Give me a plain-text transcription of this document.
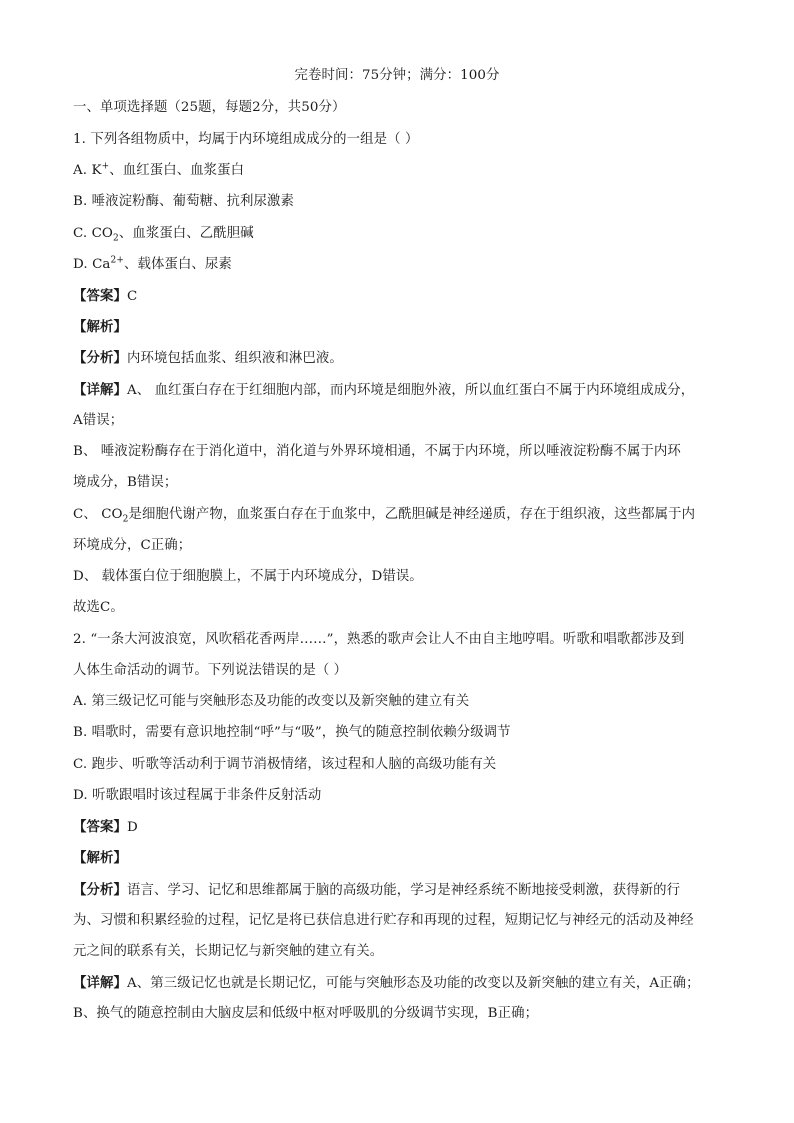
完卷时间：75分钟；满分：100分
一、单项选择题（25题，每题2分，共50分）
1. 下列各组物质中，均属于内环境组成成分的一组是（ ）
A. K+、血红蛋白、血浆蛋白
B. 唾液淀粉酶、葡萄糖、抗利尿激素
C. $CO_2$、血浆蛋白、乙酰胆碱
D. $Ca^{2+}$、载体蛋白、尿素
【答案】C
【解析】
【分析】内环境包括血浆、组织液和淋巴液。
【详解】A、 血红蛋白存在于红细胞内部，而内环境是细胞外液，所以血红蛋白不属于内环境组成成分，
A错误；
B、 唾液淀粉酶存在于消化道中，消化道与外界环境相通，不属于内环境，所以唾液淀粉酶不属于内环
境成分，B错误；
C、 $CO_2$是细胞代谢产物，血浆蛋白存在于血浆中，乙酰胆碱是神经递质，存在于组织液，这些都属于内
环境成分，C正确；
D、 载体蛋白位于细胞膜上，不属于内环境成分，D错误。
故选C。
2. “一条大河波浪宽，风吹稻花香两岸……”，熟悉的歌声会让人不由自主地哼唱。听歌和唱歌都涉及到
人体生命活动的调节。下列说法错误的是（ ）
A. 第三级记忆可能与突触形态及功能的改变以及新突触的建立有关
B. 唱歌时，需要有意识地控制“呼”与“吸”，换气的随意控制依赖分级调节
C. 跑步、听歌等活动利于调节消极情绪，该过程和人脑的高级功能有关
D. 听歌跟唱时该过程属于非条件反射活动
【答案】D
【解析】
【分析】语言、学习、记忆和思维都属于脑的高级功能，学习是神经系统不断地接受刺激，获得新的行
为、习惯和积累经验的过程，记忆是将已获信息进行贮存和再现的过程，短期记忆与神经元的活动及神经
元之间的联系有关，长期记忆与新突触的建立有关。
【详解】A、第三级记忆也就是长期记忆，可能与突触形态及功能的改变以及新突触的建立有关，A正确；
B、换气的随意控制由大脑皮层和低级中枢对呼吸肌的分级调节实现，B正确；
